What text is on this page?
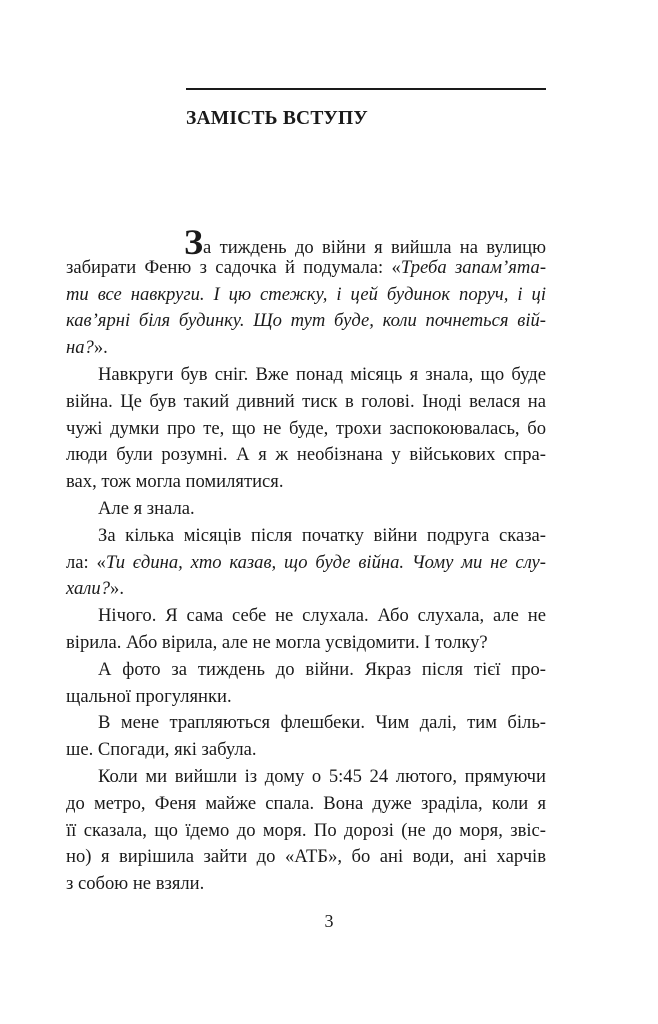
ЗАМІСТЬ ВСТУПУ
За тиждень до війни я вийшла на вулицю
забирати Феню з садочка й подумала: «Треба запам’ята-
ти все навкруги. І цю стежку, і цей будинок поруч, і ці
кав’ярні біля будинку. Що тут буде, коли почнеться вій-
на?».
Навкруги був сніг. Вже понад місяць я знала, що буде
війна. Це був такий дивний тиск в голові. Іноді велася на
чужі думки про те, що не буде, трохи заспокоювалась, бо
люди були розумні. А я ж необізнана у військових спра-
вах, тож могла помилятися.
Але я знала.
За кілька місяців після початку війни подруга сказа-
ла: «Ти єдина, хто казав, що буде війна. Чому ми не слу-
хали?».
Нічого. Я сама себе не слухала. Або слухала, але не
вірила. Або вірила, але не могла усвідомити. І толку?
А фото за тиждень до війни. Якраз після тієї про-
щальної прогулянки.
В мене трапляються флешбеки. Чим далі, тим біль-
ше. Спогади, які забула.
Коли ми вийшли із дому о 5:45 24 лютого, прямуючи
до метро, Феня майже спала. Вона дуже зраділа, коли я
її сказала, що їдемо до моря. По дорозі (не до моря, звіс-
но) я вирішила зайти до «АТБ», бо ані води, ані харчів
з собою не взяли.
3
